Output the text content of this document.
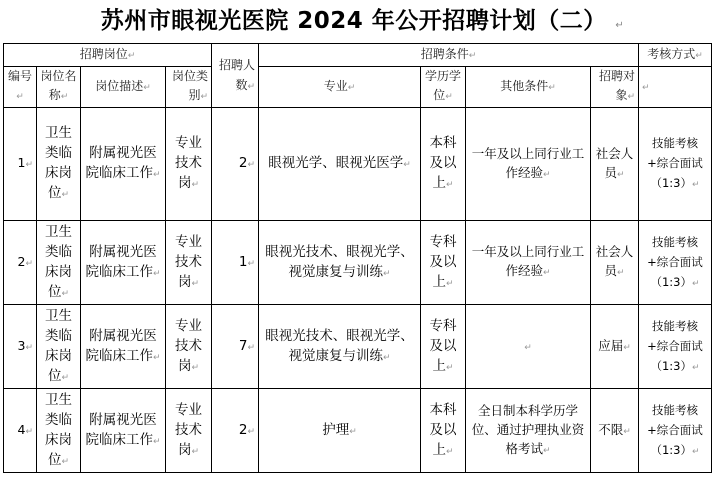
苏州市眼视光医院 2024 年公开招聘计划（二） ↵
招聘岗位 ↵				招聘人数 ↵	招聘条件 ↵				考核方式 ↵
编号 ↵	岗位名称 ↵	岗位描述 ↵	岗位类别 ↵		专业 ↵	学历学位 ↵	其他条件 ↵	招聘对象 ↵	↵
1 ↵	卫生类临床岗位 ↵	附属视光医院临床工作 ↵	专业技术岗 ↵	2 ↵	眼视光学、眼视光医学 ↵	本科及以上 ↵	一年及以上同行业工作经验 ↵	社会人员 ↵	技能考核+综合面试
（1:3） ↵
2 ↵	卫生类临床岗位 ↵	附属视光医院临床工作 ↵	专业技术岗 ↵	1 ↵	眼视光技术、眼视光学、视觉康复与训练 ↵	专科及以上 ↵	一年及以上同行业工作经验 ↵	社会人员 ↵	技能考核+综合面试
（1:3） ↵
3 ↵	卫生类临床岗位 ↵	附属视光医院临床工作 ↵	专业技术岗 ↵	7 ↵	眼视光技术、眼视光学、视觉康复与训练 ↵	专科及以上 ↵	↵	应届 ↵	技能考核+综合面试
（1:3） ↵
4 ↵	卫生类临床岗位 ↵	附属视光医院临床工作 ↵	专业技术岗 ↵	2 ↵	护理 ↵	本科及以上 ↵	全日制本科学历学位、通过护理执业资格考试 ↵	不限 ↵	技能考核+综合面试
（1:3） ↵
